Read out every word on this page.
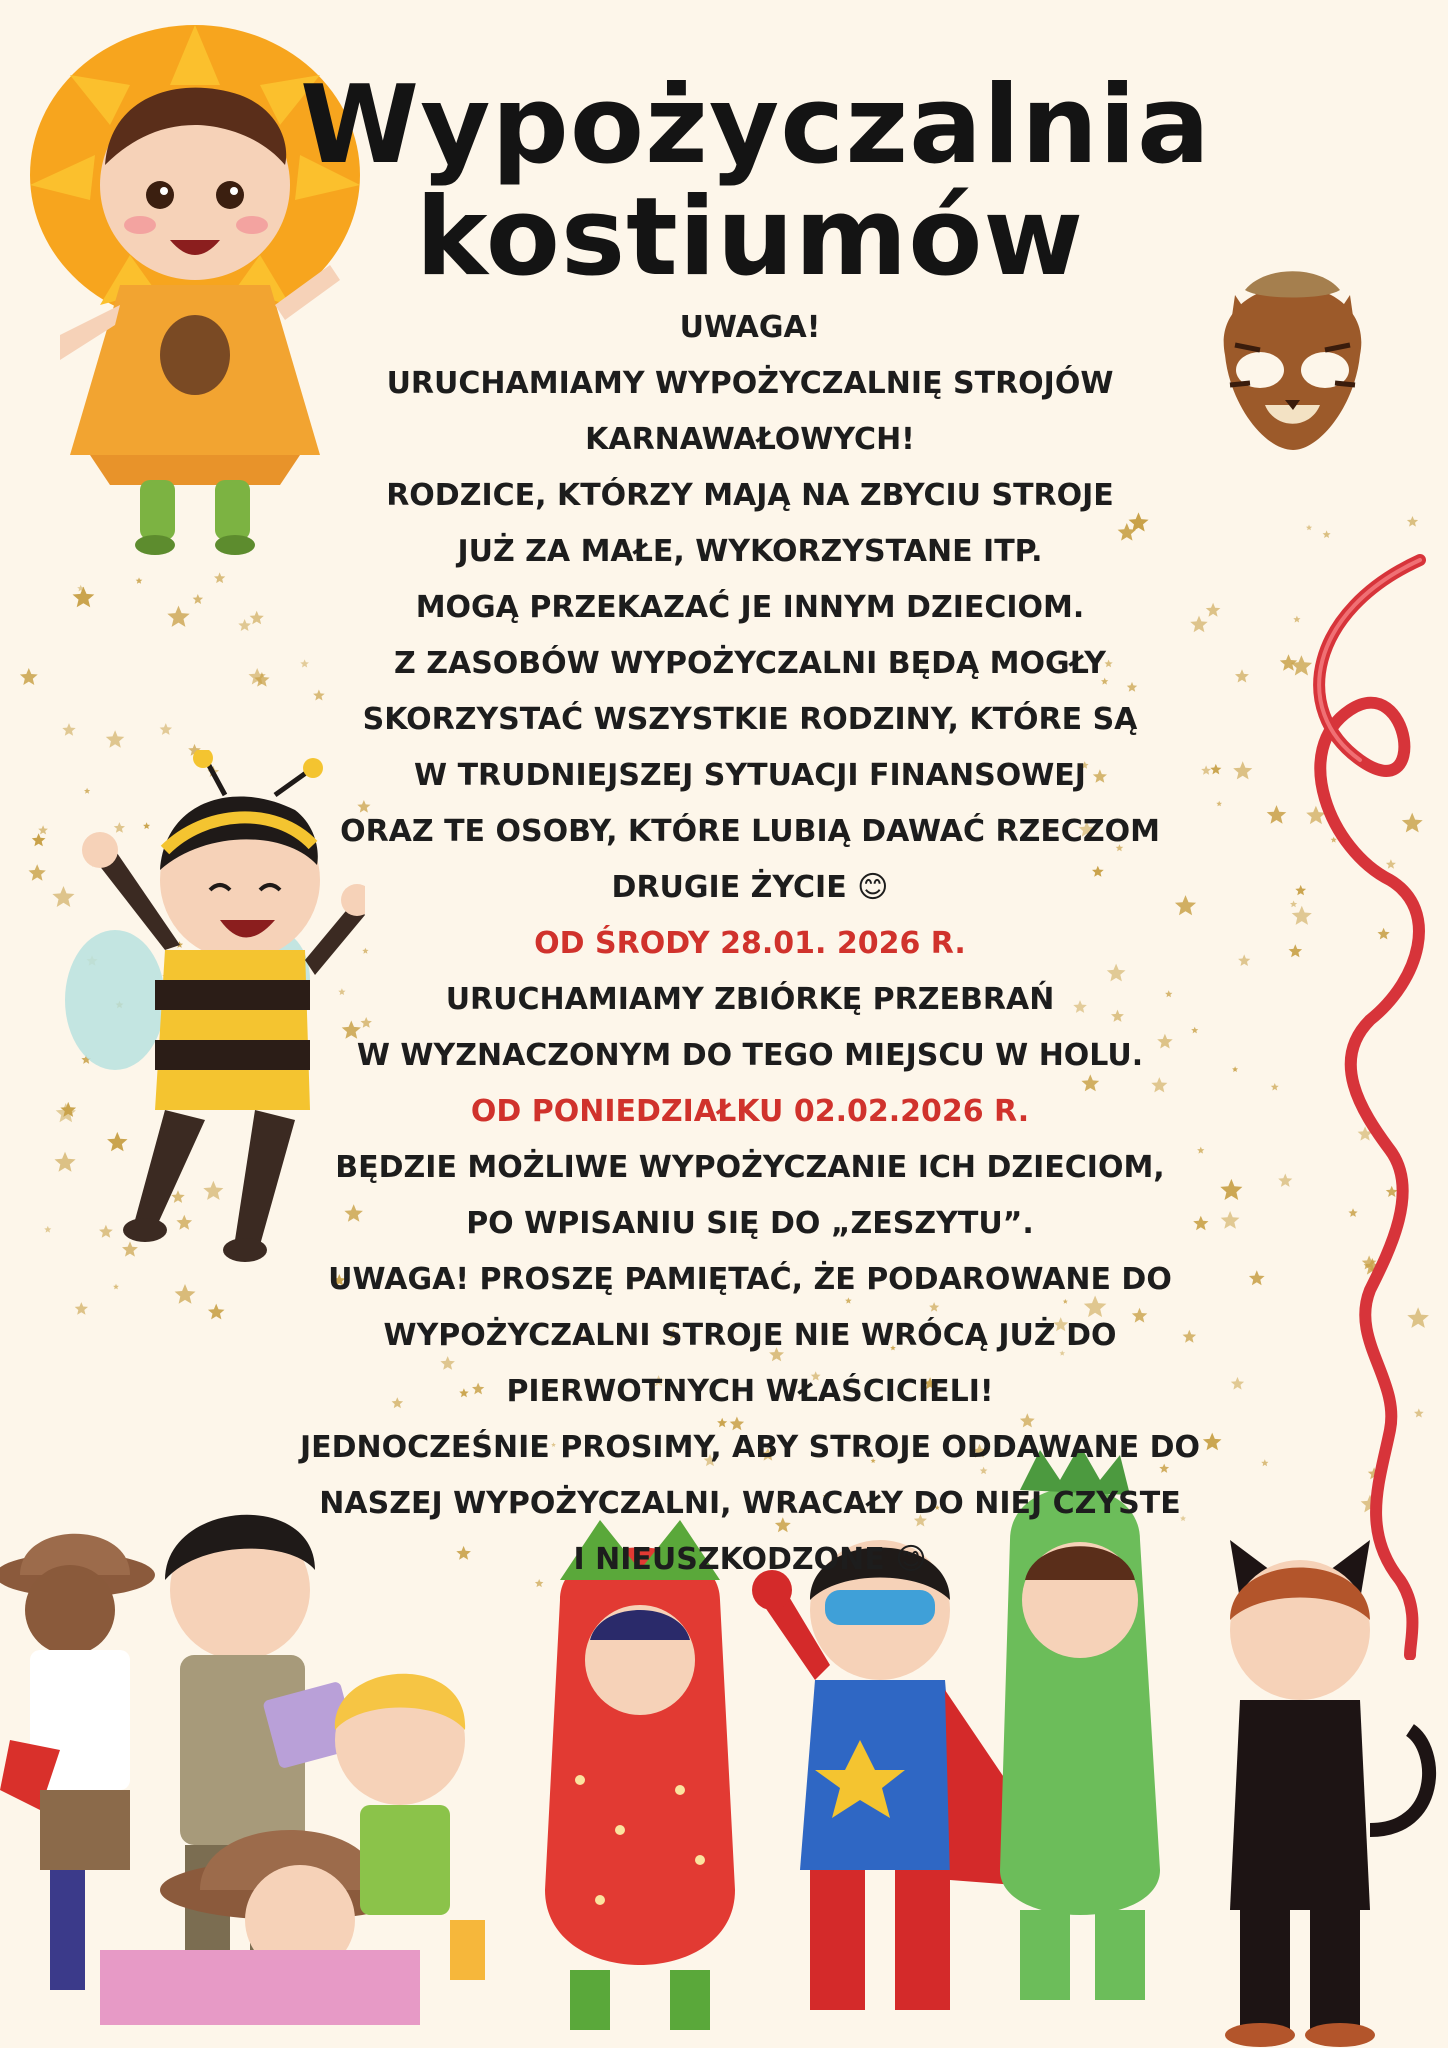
Wypożyczalnia
kostiumów
UWAGA!
URUCHAMIAMY WYPOŻYCZALNIĘ STROJÓW
KARNAWAŁOWYCH!
RODZICE, KTÓRZY MAJĄ NA ZBYCIU STROJE
JUŻ ZA MAŁE, WYKORZYSTANE ITP.
MOGĄ PRZEKAZAĆ JE INNYM DZIECIOM.
Z ZASOBÓW WYPOŻYCZALNI BĘDĄ MOGŁY
SKORZYSTAĆ WSZYSTKIE RODZINY, KTÓRE SĄ
W TRUDNIEJSZEJ SYTUACJI FINANSOWEJ
ORAZ TE OSOBY, KTÓRE LUBIĄ DAWAĆ RZECZOM
DRUGIE ŻYCIE 😊
OD ŚRODY 28.01. 2026 R.
URUCHAMIAMY ZBIÓRKĘ PRZEBRAŃ
W WYZNACZONYM DO TEGO MIEJSCU W HOLU.
OD PONIEDZIAŁKU 02.02.2026 R.
BĘDZIE MOŻLIWE WYPOŻYCZANIE ICH DZIECIOM,
PO WPISANIU SIĘ DO „ZESZYTU”.
UWAGA! PROSZĘ PAMIĘTAĆ, ŻE PODAROWANE DO
WYPOŻYCZALNI STROJE NIE WRÓCĄ JUŻ DO
PIERWOTNYCH WŁAŚCICIELI!
JEDNOCZEŚNIE PROSIMY, ABY STROJE ODDAWANE DO
NASZEJ WYPOŻYCZALNI, WRACAŁY DO NIEJ CZYSTE
I NIEUSZKODZONE 😊
